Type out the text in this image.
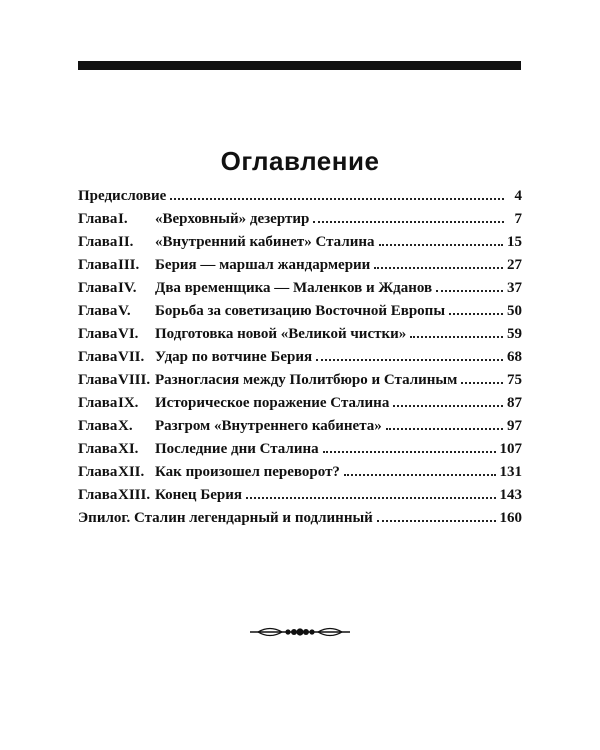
Оглавление
Предисловие	4
Глава I.	«Верховный» дезертир	7
Глава II.	«Внутренний кабинет» Сталина	15
Глава III.	Берия — маршал жандармерии	27
Глава IV.	Два временщика — Маленков и Жданов	37
Глава V.	Борьба за советизацию Восточной Европы	50
Глава VI.	Подготовка новой «Великой чистки»	59
Глава VII. Удар по вотчине Берия	68
Глава VIII. Разногласия между Политбюро и Сталиным	75
Глава IX.	Историческое поражение Сталина	87
Глава X.	Разгром «Внутреннего кабинета»	97
Глава XI.	Последние дни Сталина	107
Глава XII. Как произошел переворот?	131
Глава XIII. Конец Берия	143
Эпилог. Сталин легендарный и подлинный	160
